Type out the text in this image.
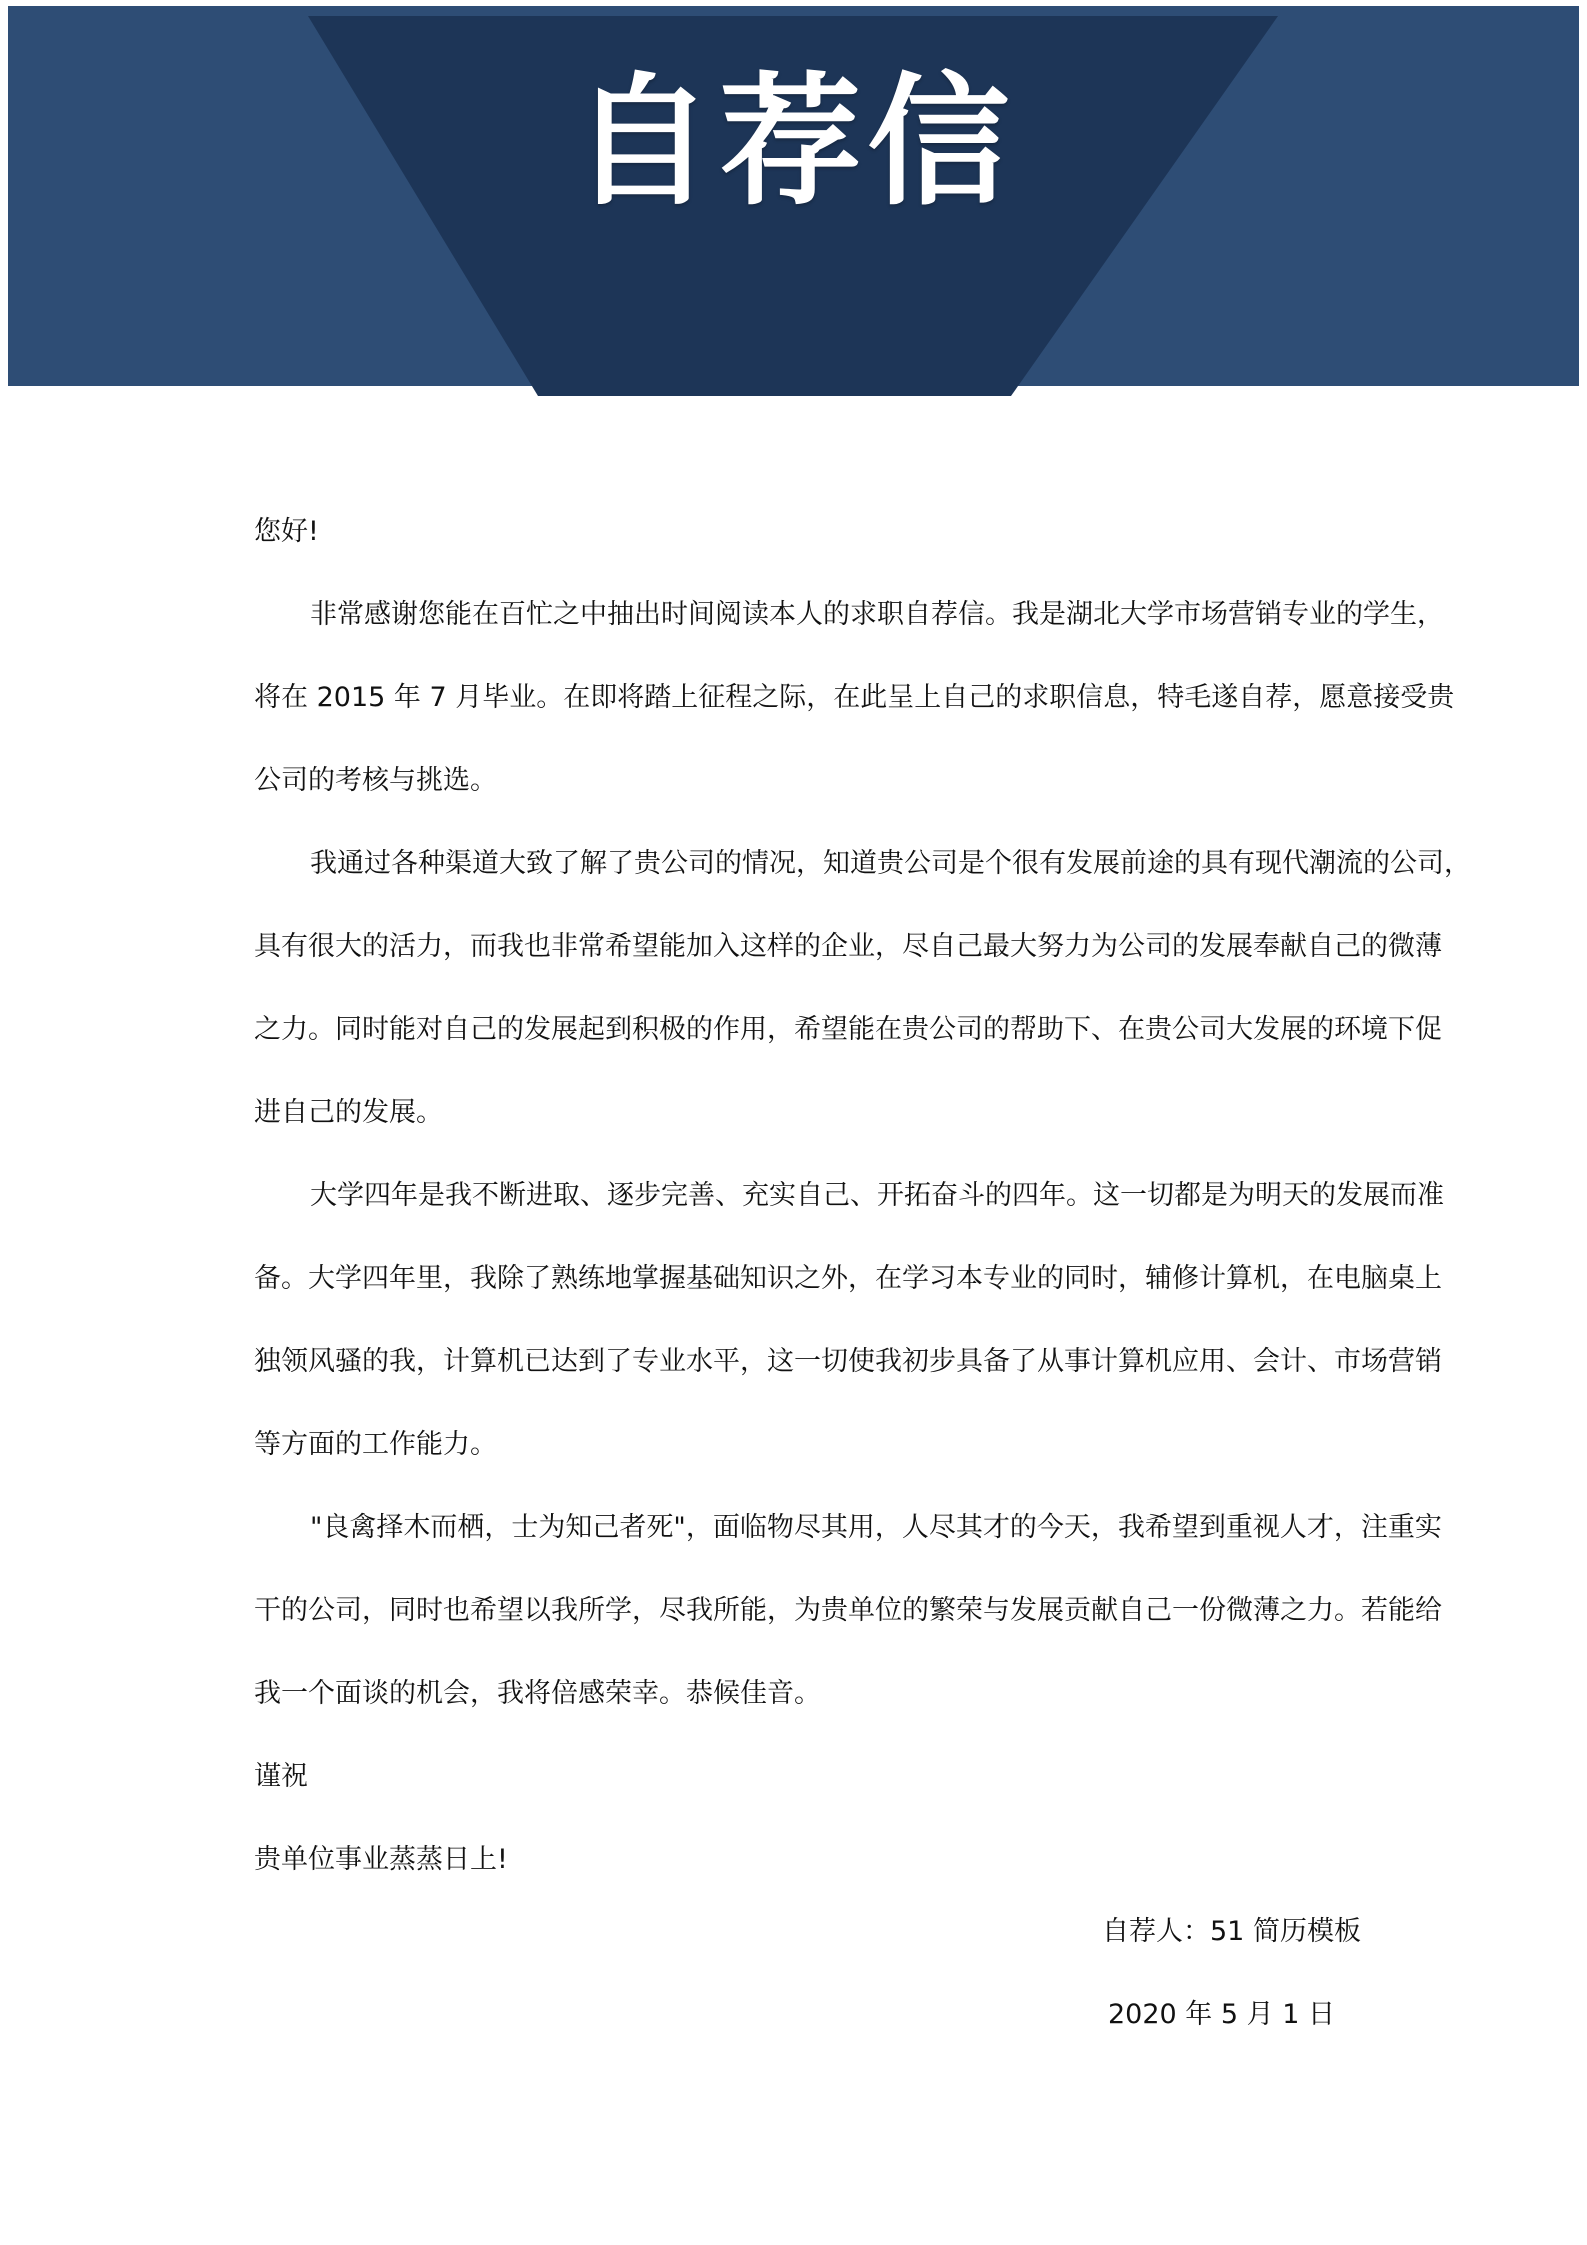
自荐信

您好!

非常感谢您能在百忙之中抽出时间阅读本人的求职自荐信。我是湖北大学市场营销专业的学生，

将在 2015 年 7 月毕业。在即将踏上征程之际，在此呈上自己的求职信息，特毛遂自荐，愿意接受贵

公司的考核与挑选。

我通过各种渠道大致了解了贵公司的情况，知道贵公司是个很有发展前途的具有现代潮流的公司，

具有很大的活力，而我也非常希望能加入这样的企业，尽自己最大努力为公司的发展奉献自己的微薄

之力。同时能对自己的发展起到积极的作用，希望能在贵公司的帮助下、在贵公司大发展的环境下促

进自己的发展。

大学四年是我不断进取、逐步完善、充实自己、开拓奋斗的四年。这一切都是为明天的发展而准

备。大学四年里，我除了熟练地掌握基础知识之外，在学习本专业的同时，辅修计算机，在电脑桌上

独领风骚的我，计算机已达到了专业水平，这一切使我初步具备了从事计算机应用、会计、市场营销

等方面的工作能力。

"良禽择木而栖，士为知己者死"，面临物尽其用，人尽其才的今天，我希望到重视人才，注重实

干的公司，同时也希望以我所学，尽我所能，为贵单位的繁荣与发展贡献自己一份微薄之力。若能给

我一个面谈的机会，我将倍感荣幸。恭候佳音。

谨祝

贵单位事业蒸蒸日上!

自荐人：51 简历模板
2020 年 5 月 1 日
